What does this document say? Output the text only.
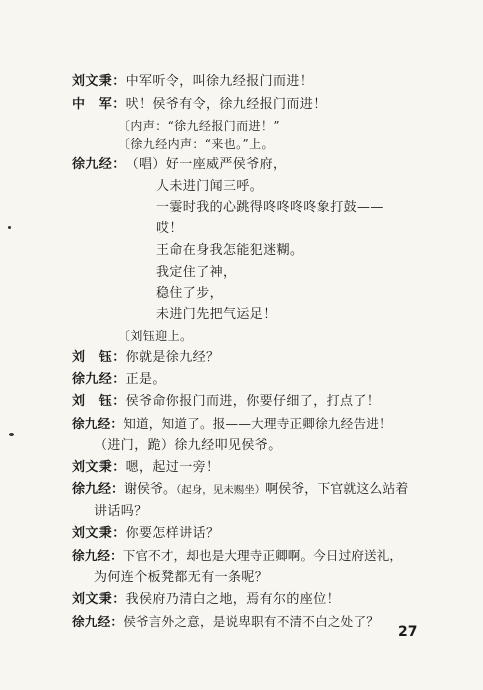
刘文秉：中军听令，叫徐九经报门而进！
中　军：吠！侯爷有令，徐九经报门而进！
〔内声：“徐九经报门而进！”
〔徐九经内声：“来也。”上。
徐九经：（唱）好一座威严侯爷府，
人未进门闻三呼。
一霎时我的心跳得咚咚咚咚象打鼓——
哎！
王命在身我怎能犯迷糊。
我定住了神，
稳住了步，
未进门先把气运足！
〔刘钰迎上。
刘　钰：你就是徐九经？
徐九经：正是。
刘　钰：侯爷命你报门而进，你要仔细了，打点了！
徐九经：知道，知道了。报——大理寺正卿徐九经告进！
（进门，跪）徐九经叩见侯爷。
刘文秉：嗯，起过一旁！
徐九经：谢侯爷。（起身，见未赐坐）啊侯爷，下官就这么站着
讲话吗？
刘文秉：你要怎样讲话？
徐九经：下官不才，却也是大理寺正卿啊。今日过府送礼，
为何连个板凳都无有一条呢？
刘文秉：我侯府乃清白之地，焉有尔的座位！
徐九经：侯爷言外之意，是说卑职有不清不白之处了？
27
